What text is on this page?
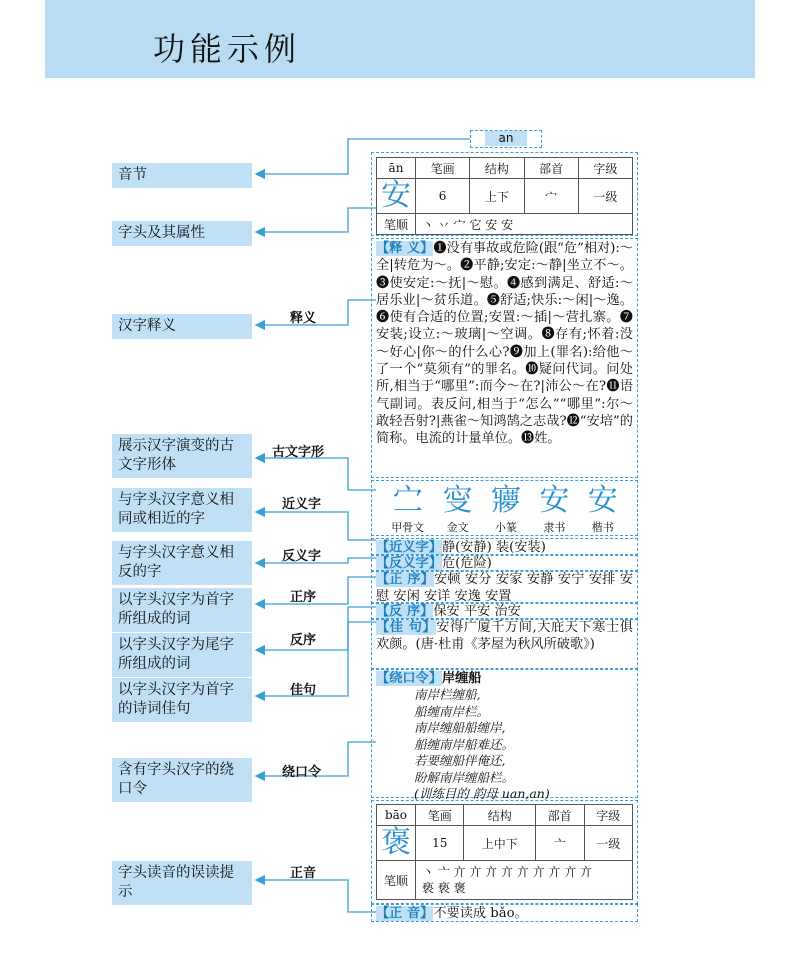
功能示例
音节
字头及其属性
汉字释义
展示汉字演变的古文字形体
与字头汉字意义相同或相近的字
与字头汉字意义相反的字
以字头汉字为首字所组成的词
以字头汉字为尾字所组成的词
以字头汉字为首字的诗词佳句
含有字头汉字的绕口令
字头读音的误读提示
释义
古文字形
近义字
反义字
正序
反序
佳句
绕口令
正音
an
ān	笔画	结构	部首	字级
安	6	上下	宀	一级
笔顺	丶 丷 宀 它 安 安			
【释 义】❶没有事故或危险(跟“危”相对):～全|转危为～。❷平静;安定:～静|坐立不～。❸使安定:～抚|～慰。❹感到满足、舒适:～居乐业|～贫乐道。❺舒适;快乐:～闲|～逸。❻使有合适的位置;安置:～插|～营扎寨。❼安装;设立:～玻璃|～空调。❽存有;怀着:没～好心|你～的什么心?❾加上(罪名):给他～了一个“莫须有”的罪名。❿疑问代词。问处所,相当于“哪里”:而今～在?|沛公～在?⓫语气副词。表反问,相当于“怎么”“哪里”:尔～敢轻吾射?|燕雀～知鸿鹄之志哉?⓬“安培”的简称。电流的计量单位。⓭姓。
㝉
甲骨文
㝕
金文
㝱
小篆
安
隶书
安
楷书
【近义字】静(安静) 装(安装)
【反义字】危(危险)
【正 序】安顿 安分 安家 安静 安宁 安排 安慰 安闲 安详 安逸 安置
【反 序】保安 平安 治安
【佳 句】安得广厦千万间,大庇天下寒士俱欢颜。(唐·杜甫《茅屋为秋风所破歌》)
【绕口令】岸缠船
南岸栏缠船,
船缠南岸栏。
南岸缠船船缠岸,
船缠南岸船难还。
若要缠船伴俺还,
盼解南岸缠船栏。
(训练目的 韵母 uan,an)
bāo	笔画	结构	部首	字级
褒	15	上中下	亠	一级
笔顺	丶 亠 亣 亣 亣 亣 亣 亣 亣 亣 亣
亵 亵 褒			
【正 音】不要读成 bǎo。
